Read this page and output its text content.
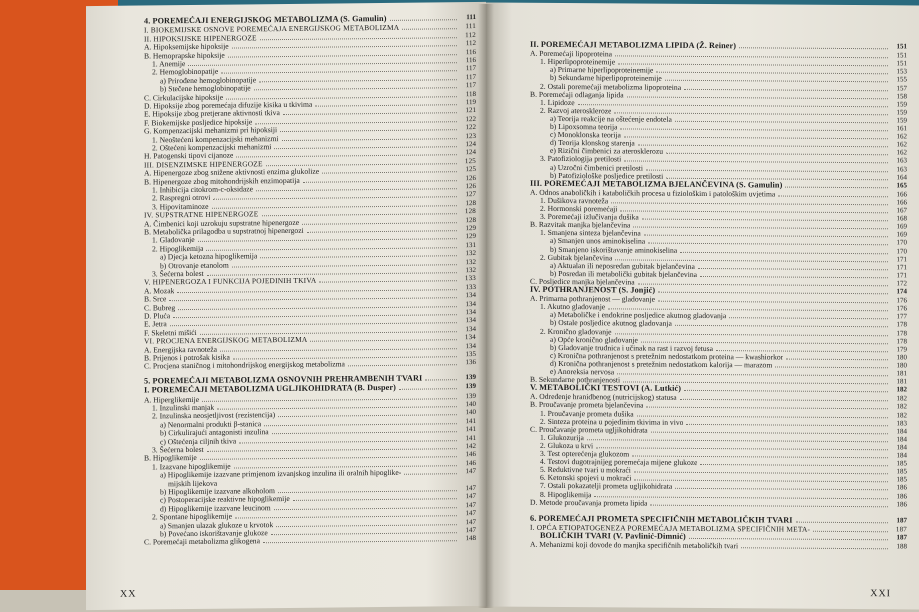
4. POREMEĆAJI ENERGIJSKOG METABOLIZMA (S. Gamulin)	111
I. BIOKEMIJSKE OSNOVE POREMEĆAJA ENERGIJSKOG METABOLIZMA	111
II. HIPOKSIJSKE HIPENERGOZE	112
A. Hipoksemijske hipoksije	112
B. Hemoprapske hipoksije	116
1. Anemije	116
2. Hemoglobinopatije	117
a) Prirođene hemoglobinopatije	117
b) Stečene hemoglobinopatije	117
C. Cirkulacijske hipoksije	118
D. Hipoksije zbog poremećaja difuzije kisika u tkivima	119
E. Hipoksije zbog pretjerane aktivnosti tkiva	121
F. Biokemijske posljedice hipoksije	122
G. Kompenzacijski mehanizmi pri hipoksiji	122
1. Neoštećeni kompenzacijski mehanizmi	123
2. Oštećeni kompenzacijski mehanizmi	124
H. Patogenski tipovi cijanoze	124
III. DISENZIMSKE HIPENERGOZE	125
A. Hipenergoze zbog snižene aktivnosti enzima glukolize	125
B. Hipenergoze zbog mitohondrijskih enzimopatija	126
1. Inhibicija citokrom-c-oksidaze	126
2. Raspregni otrovi	127
3. Hipovitaminoze	128
IV. SUPSTRATNE HIPENERGOZE	128
A. Čimbenici koji uzrokuju supstratne hipenergoze	128
B. Metabolička prilagodba u supstratnoj hipenergozi	129
1. Gladovanje	129
2. Hipoglikemija	131
a) Djecja ketozna hipoglikemija	132
b) Otrovanje etanolom	132
3. Šećerna bolest	132
V. HIPENERGOZA I FUNKCIJA POJEDINIH TKIVA	133
A. Mozak	133
B. Srce	134
C. Bubreg	134
D. Pluća	134
E. Jetra	134
F. Skeletni mišići	134
VI. PROCJENA ENERGIJSKOG METABOLIZMA	134
A. Energijska ravnoteža	134
B. Prijenos i potrošak kisika	135
C. Procjena staničnog i mitohondrijskog energijskog metabolizma	136
5. POREMEĆAJI METABOLIZMA OSNOVNIH PREHRAMBENIH TVARI	139
I. POREMEĆAJI METABOLIZMA UGLJIKOHIDRATA (B. Dusper)	139
A. Hiperglikemije	139
1. Inzulinski manjak	140
2. Inzulinska neosjetljivost (rezistencija)	140
a) Nenormalni produkti β-stanica	141
b) Cirkulirajući antagonisti inzulina	141
c) Oštećenja ciljnih tkiva	141
3. Šećerna bolest	142
B. Hipoglikemije	146
1. Izazvane hipoglikemije	146
a) Hipoglikemije izazvane primjenom izvanjskog inzulina ili oralnih hipoglike-	147
mijskih lijekova
b) Hipoglikemije izazvane alkoholom	147
c) Postoperacijske reaktivne hipoglikemije	147
d) Hipoglikemije izazvane leucinom	147
2. Spontane hipoglikemije	147
a) Smanjen ulazak glukoze u krvotok	147
b) Povećano iskorištavanje glukoze	147
C. Poremećaji metabolizma glikogena	148
XX
II. POREMEĆAJI METABOLIZMA LIPIDA (Ž. Reiner)	151
A. Poremećaji lipoproteina	151
1. Hiperlipoproteinemije	151
a) Primarne hiperlipoproteinemije	153
b) Sekundarne hiperlipoproteinemije	155
2. Ostali poremećaji metabolizma lipoproteina	157
B. Poremećaji odlaganja lipida	158
1. Lipidoze	159
2. Razvoj ateroskleroze	159
a) Teorija reakcije na oštećenje endotela	159
b) Lipoxsomna teorija	161
c) Monoklonska teorija	162
d) Teorija klonskog starenja	162
e) Rizični čimbenici za aterosklerozu	162
3. Patofiziologija pretilosti	163
a) Uzročni čimbenici pretilosti	163
b) Patofiziološke posljedice pretilosti	164
III. POREMEĆAJI METABOLIZMA BJELANČEVINA (S. Gamulin)	165
A. Odnos anaboličkih i kataboličkih procesa u fiziološkim i patološkim uvjetima	166
1. Dušikova ravnoteža	166
2. Hormonski poremećaji	167
3. Poremećaji izlučivanja dušika	168
B. Razvitak manjka bjelančevina	169
1. Smanjena sinteza bjelančevina	169
a) Smanjen unos aminokiselina	170
b) Smanjeno iskorištavanje aminokiselina	170
2. Gubitak bjelančevina	171
a) Aktualan ili neposredan gubitak bjelančevina	171
b) Posredan ili metabolički gubitak bjelančevina	171
C. Posljedice manjka bjelančevina	172
IV. POTHRANJENOST (S. Jonjić)	174
A. Primarna pothranjenost — gladovanje	176
1. Akutno gladovanje	176
a) Metaboličke i endokrine posljedice akutnog gladovanja	177
b) Ostale posljedice akutnog gladovanja	178
2. Kronično gladovanje	178
a) Opće kronično gladovanje	178
b) Gladovanje trudnica i učinak na rast i razvoj fetusa	179
c) Kronična pothranjenost s pretežnim nedostatkom proteina — kwashiorkor	180
d) Kronična pothranjenost s pretežnim nedostatkom kalorija — marazom	180
e) Anoreksia nervosa	181
B. Sekundarne pothranjenosti	181
V. METABOLIČKI TESTOVI (A. Lutkić)	182
A. Određenje hranidbenog (nutricijskog) statusa	182
B. Proučavanje prometa bjelančevina	182
1. Proučavanje prometa dušika	182
2. Sinteza proteina u pojedinim tkivima in vivo	183
C. Proučavanje prometa ugljikohidrata	184
1. Glukozurija	184
2. Glukoza u krvi	184
3. Test opterećenja glukozom	184
4. Testovi dugotrajnijeg poremećaja mijene glukoze	185
5. Reduktivne tvari u mokraći	185
6. Ketonski spojevi u mokraći	185
7. Ostali pokazatelji prometa ugljikohidrata	186
8. Hipoglikemija	186
D. Metode proučavanja prometa lipida	186
6. POREMEĆAJI PROMETA SPECIFIČNIH METABOLIČKIH TVARI	187
I. OPĆA ETIOPATOGENEZA POREMEĆAJA METABOLIZMA SPECIFIČNIH META-	187
BOLIČKIH TVARI (V. Pavlinić-Dimnić)	187
A. Mehanizmi koji dovode do manjka specifičnih metaboličkih tvari	188
XXI
